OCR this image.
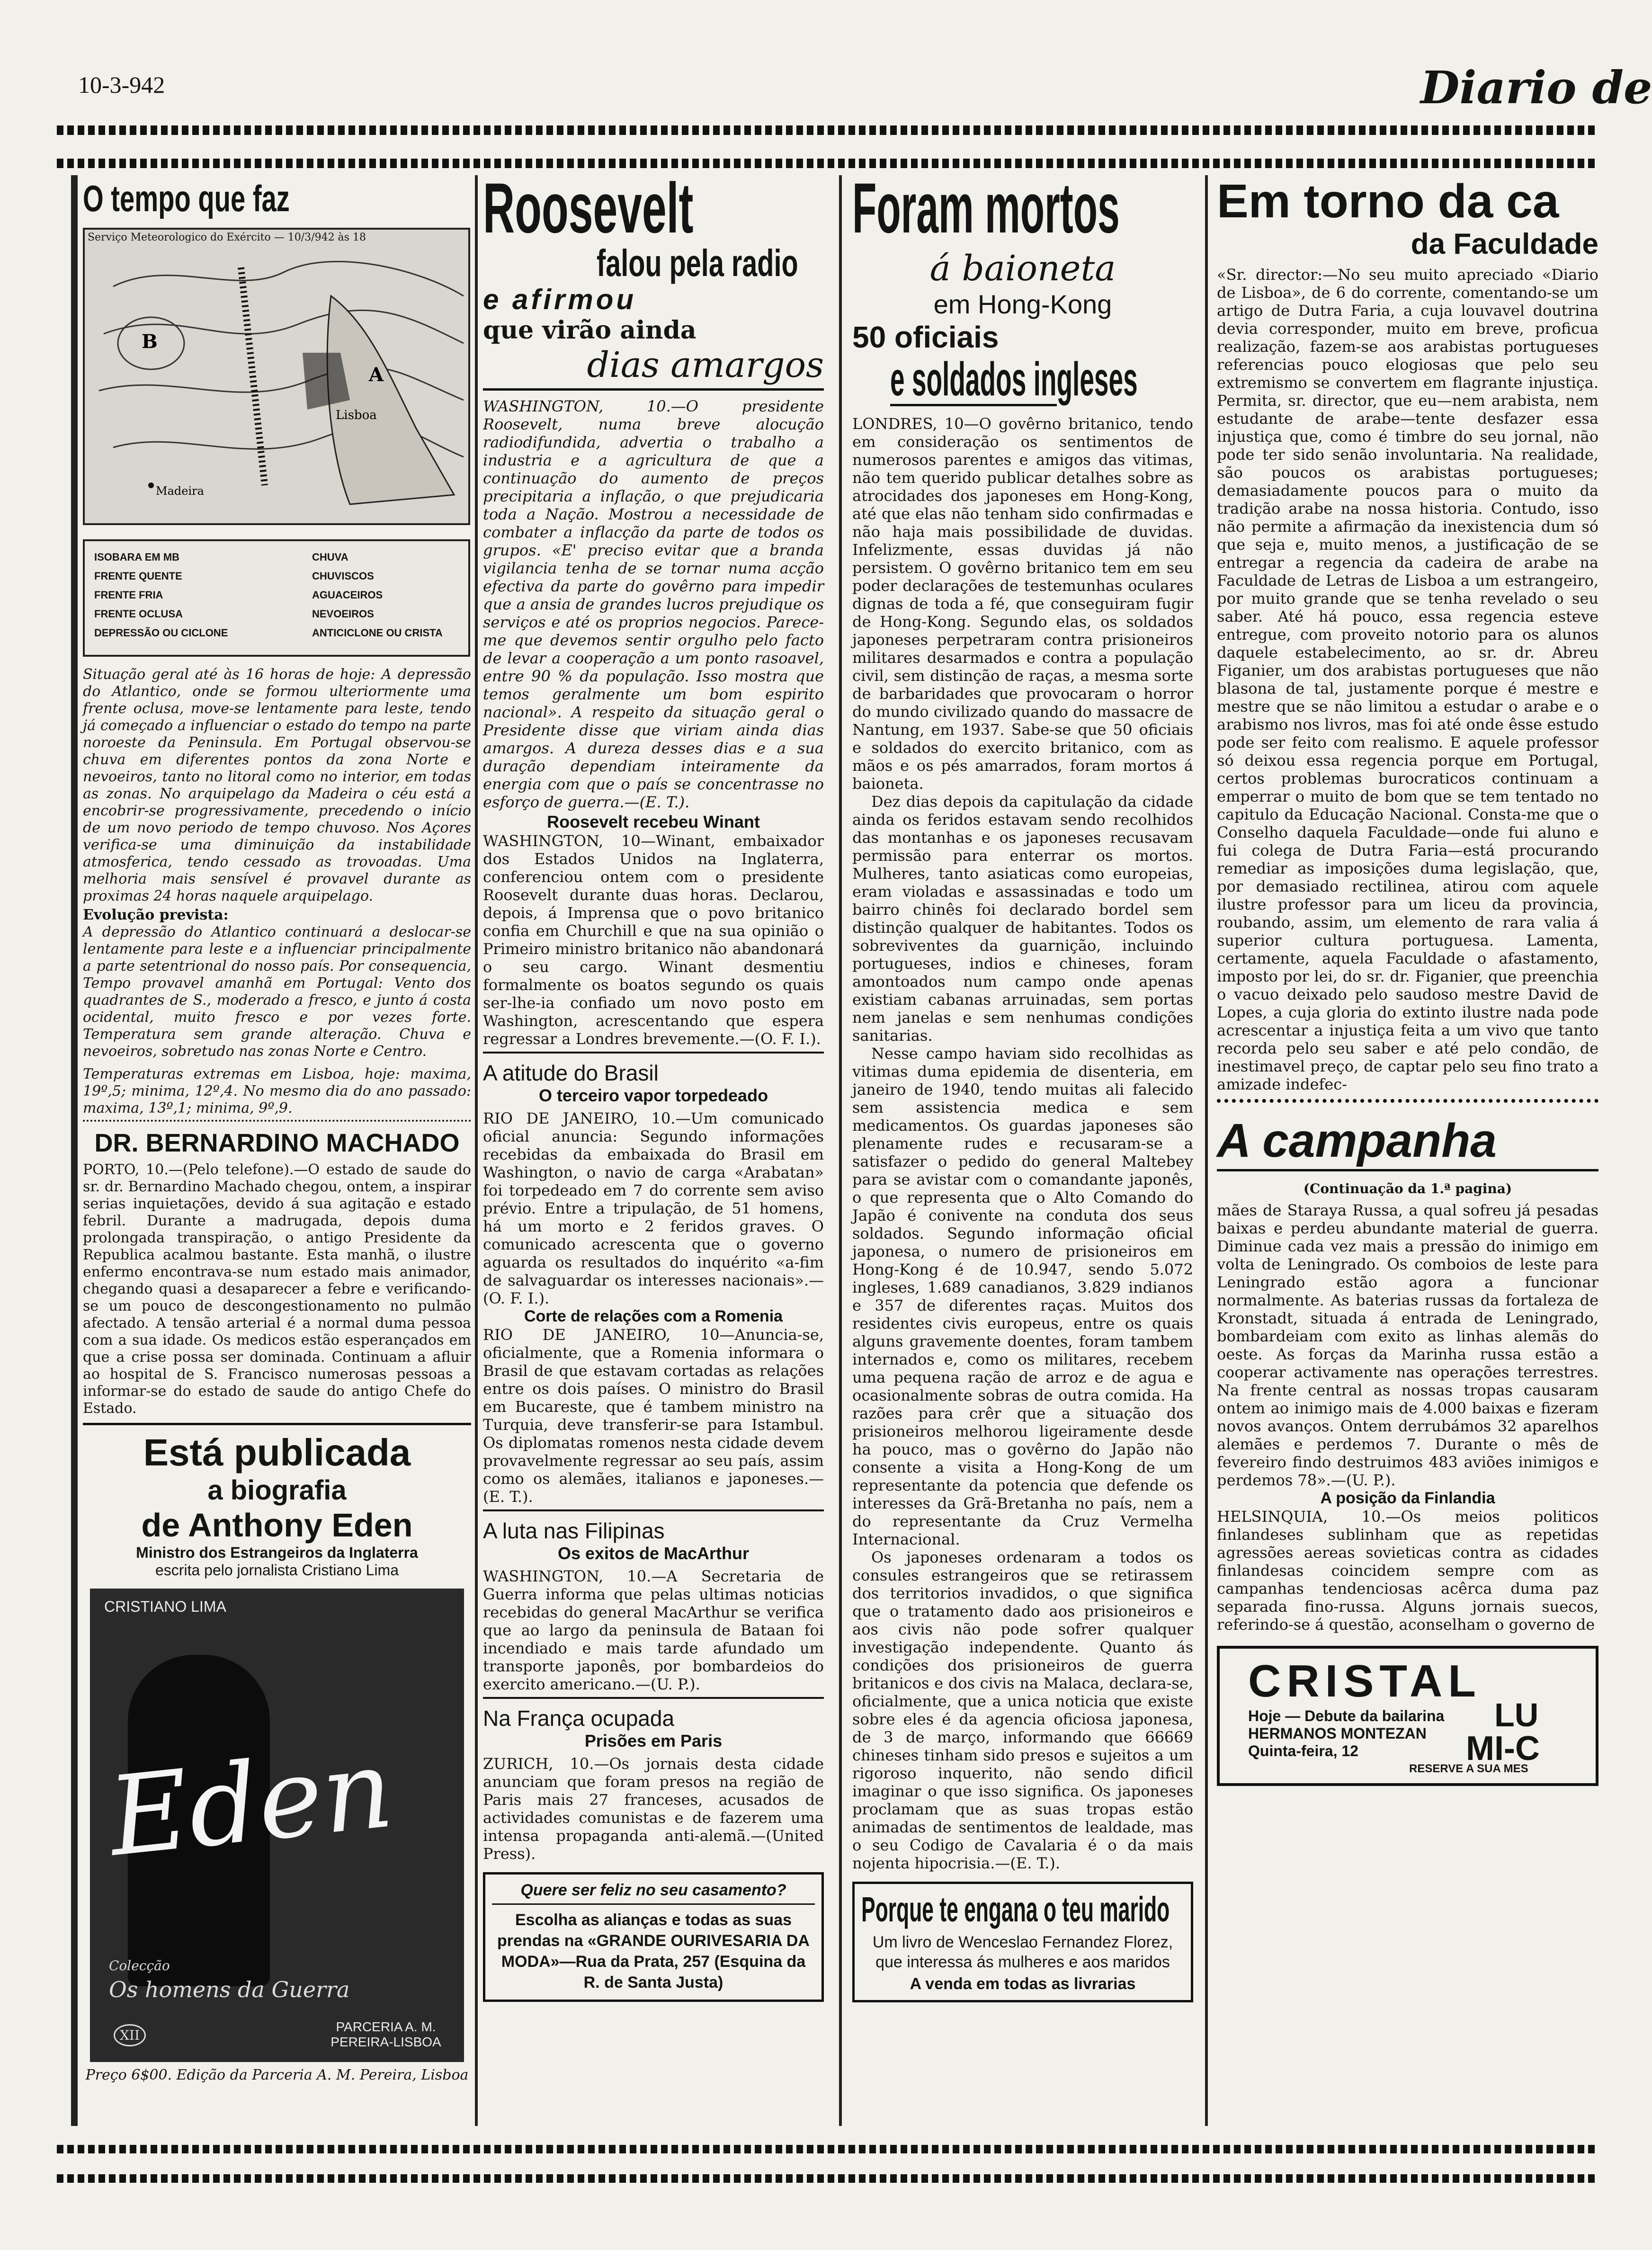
10-3-942	Diario de
O tempo que faz
Serviço Meteorologico do Exército — 10/3/942 às 18
B
A
Lisboa
Madeira
ISOBARA EM MB
FRENTE QUENTE
FRENTE FRIA
FRENTE OCLUSA
DEPRESSÃO OU CICLONE
CHUVA
CHUVISCOS
AGUACEIROS
NEVOEIROS
ANTICICLONE OU CRISTA

Situação geral até às 16 horas de hoje: A depressão do Atlantico, onde se formou ulteriormente uma frente oclusa, move-se lentamente para leste, tendo já começado a influenciar o estado do tempo na parte noroeste da Peninsula. Em Portugal observou-se chuva em diferentes pontos da zona Norte e nevoeiros, tanto no litoral como no interior, em todas as zonas. No arquipelago da Madeira o céu está a encobrir-se progressivamente, precedendo o início de um novo periodo de tempo chuvoso. Nos Açores verifica-se uma diminuição da instabilidade atmosferica, tendo cessado as trovoadas. Uma melhoria mais sensível é provavel durante as proximas 24 horas naquele arquipelago.

Evolução prevista:

A depressão do Atlantico continuará a deslocar-se lentamente para leste e a influenciar principalmente a parte setentrional do nosso país. Por consequencia, Tempo provavel amanhã em Portugal: Vento dos quadrantes de S., moderado a fresco, e junto á costa ocidental, muito fresco e por vezes forte. Temperatura sem grande alteração. Chuva e nevoeiros, sobretudo nas zonas Norte e Centro.

Temperaturas extremas em Lisboa, hoje: maxima, 19º,5; minima, 12º,4. No mesmo dia do ano passado: maxima, 13º,1; minima, 9º,9.

DR. BERNARDINO MACHADO

PORTO, 10.—(Pelo telefone).—O estado de saude do sr. dr. Bernardino Machado chegou, ontem, a inspirar serias inquietações, devido á sua agitação e estado febril. Durante a madrugada, depois duma prolongada transpiração, o antigo Presidente da Republica acalmou bastante. Esta manhã, o ilustre enfermo encontrava-se num estado mais animador, chegando quasi a desaparecer a febre e verificando-se um pouco de descongestionamento no pulmão afectado. A tensão arterial é a normal duma pessoa com a sua idade. Os medicos estão esperançados em que a crise possa ser dominada. Continuam a afluir ao hospital de S. Francisco numerosas pessoas a informar-se do estado de saude do antigo Chefe do Estado.

Está publicada
a biografia
de Anthony Eden
Ministro dos Estrangeiros da Inglaterra
escrita pelo jornalista Cristiano Lima
CRISTIANO LIMA
Eden
Colecção
Os homens da Guerra
XII
PARCERIA A. M. PEREIRA-LISBOA

Preço 6$00. Edição da Parceria A. M. Pereira, Lisboa

Roosevelt
falou pela radio
e afirmou
que virão ainda
dias amargos

WASHINGTON, 10.—O presidente Roosevelt, numa breve alocução radiodifundida, advertia o trabalho a industria e a agricultura de que a continuação do aumento de preços precipitaria a inflação, o que prejudicaria toda a Nação. Mostrou a necessidade de combater a inflacção da parte de todos os grupos. «E' preciso evitar que a branda vigilancia tenha de se tornar numa acção efectiva da parte do govêrno para impedir que a ansia de grandes lucros prejudique os serviços e até os proprios negocios. Parece-me que devemos sentir orgulho pelo facto de levar a cooperação a um ponto rasoavel, entre 90 % da população. Isso mostra que temos geralmente um bom espirito nacional». A respeito da situação geral o Presidente disse que viriam ainda dias amargos. A dureza desses dias e a sua duração dependiam inteiramente da energia com que o país se concentrasse no esforço de guerra.—(E. T.).

Roosevelt recebeu Winant

WASHINGTON, 10—Winant, embaixador dos Estados Unidos na Inglaterra, conferenciou ontem com o presidente Roosevelt durante duas horas. Declarou, depois, á Imprensa que o povo britanico confia em Churchill e que na sua opinião o Primeiro ministro britanico não abandonará o seu cargo. Winant desmentiu formalmente os boatos segundo os quais ser-lhe-ia confiado um novo posto em Washington, acrescentando que espera regressar a Londres brevemente.—(O. F. I.).

A atitude do Brasil
O terceiro vapor torpedeado

RIO DE JANEIRO, 10.—Um comunicado oficial anuncia: Segundo informações recebidas da embaixada do Brasil em Washington, o navio de carga «Arabatan» foi torpedeado em 7 do corrente sem aviso prévio. Entre a tripulação, de 51 homens, há um morto e 2 feridos graves. O comunicado acrescenta que o governo aguarda os resultados do inquérito «a-fim de salvaguardar os interesses nacionais».—(O. F. I.).

Corte de relações com a Romenia

RIO DE JANEIRO, 10—Anuncia-se, oficialmente, que a Romenia informara o Brasil de que estavam cortadas as relações entre os dois países. O ministro do Brasil em Bucareste, que é tambem ministro na Turquia, deve transferir-se para Istambul. Os diplomatas romenos nesta cidade devem provavelmente regressar ao seu país, assim como os alemães, italianos e japoneses.—(E. T.).

A luta nas Filipinas
Os exitos de MacArthur

WASHINGTON, 10.—A Secretaria de Guerra informa que pelas ultimas noticias recebidas do general MacArthur se verifica que ao largo da peninsula de Bataan foi incendiado e mais tarde afundado um transporte japonês, por bombardeios do exercito americano.—(U. P.).

Na França ocupada
Prisões em Paris

ZURICH, 10.—Os jornais desta cidade anunciam que foram presos na região de Paris mais 27 franceses, acusados de actividades comunistas e de fazerem uma intensa propaganda anti-alemã.—(United Press).

Quere ser feliz no seu casamento?
Escolha as alianças e todas as suas prendas na «GRANDE OURIVESARIA DA MODA»—Rua da Prata, 257 (Esquina da R. de Santa Justa)
Foram mortos
á baioneta
em Hong-Kong
50 oficiais
e soldados ingleses

LONDRES, 10—O govêrno britanico, tendo em consideração os sentimentos de numerosos parentes e amigos das vitimas, não tem querido publicar detalhes sobre as atrocidades dos japoneses em Hong-Kong, até que elas não tenham sido confirmadas e não haja mais possibilidade de duvidas. Infelizmente, essas duvidas já não persistem. O govêrno britanico tem em seu poder declarações de testemunhas oculares dignas de toda a fé, que conseguiram fugir de Hong-Kong. Segundo elas, os soldados japoneses perpetraram contra prisioneiros militares desarmados e contra a população civil, sem distinção de raças, a mesma sorte de barbaridades que provocaram o horror do mundo civilizado quando do massacre de Nantung, em 1937. Sabe-se que 50 oficiais e soldados do exercito britanico, com as mãos e os pés amarrados, foram mortos á baioneta.

Dez dias depois da capitulação da cidade ainda os feridos estavam sendo recolhidos das montanhas e os japoneses recusavam permissão para enterrar os mortos. Mulheres, tanto asiaticas como europeias, eram violadas e assassinadas e todo um bairro chinês foi declarado bordel sem distinção qualquer de habitantes. Todos os sobreviventes da guarnição, incluindo portugueses, indios e chineses, foram amontoados num campo onde apenas existiam cabanas arruinadas, sem portas nem janelas e sem nenhumas condições sanitarias.

Nesse campo haviam sido recolhidas as vitimas duma epidemia de disenteria, em janeiro de 1940, tendo muitas ali falecido sem assistencia medica e sem medicamentos. Os guardas japoneses são plenamente rudes e recusaram-se a satisfazer o pedido do general Maltebey para se avistar com o comandante japonês, o que representa que o Alto Comando do Japão é conivente na conduta dos seus soldados. Segundo informação oficial japonesa, o numero de prisioneiros em Hong-Kong é de 10.947, sendo 5.072 ingleses, 1.689 canadianos, 3.829 indianos e 357 de diferentes raças. Muitos dos residentes civis europeus, entre os quais alguns gravemente doentes, foram tambem internados e, como os militares, recebem uma pequena ração de arroz e de agua e ocasionalmente sobras de outra comida. Ha razões para crêr que a situação dos prisioneiros melhorou ligeiramente desde ha pouco, mas o govêrno do Japão não consente a visita a Hong-Kong de um representante da potencia que defende os interesses da Grã-Bretanha no país, nem a do representante da Cruz Vermelha Internacional.

Os japoneses ordenaram a todos os consules estrangeiros que se retirassem dos territorios invadidos, o que significa que o tratamento dado aos prisioneiros e aos civis não pode sofrer qualquer investigação independente. Quanto ás condições dos prisioneiros de guerra britanicos e dos civis na Malaca, declara-se, oficialmente, que a unica noticia que existe sobre eles é da agencia oficiosa japonesa, de 3 de março, informando que 66669 chineses tinham sido presos e sujeitos a um rigoroso inquerito, não sendo dificil imaginar o que isso significa. Os japoneses proclamam que as suas tropas estão animadas de sentimentos de lealdade, mas o seu Codigo de Cavalaria é o da mais nojenta hipocrisia.—(E. T.).

Porque te engana o teu marido
Um livro de Wenceslao Fernandez Florez, que interessa ás mulheres e aos maridos
A venda em todas as livrarias
Em torno da ca
da Faculdade

«Sr. director:—No seu muito apreciado «Diario de Lisboa», de 6 do corrente, comentando-se um artigo de Dutra Faria, a cuja louvavel doutrina devia corresponder, muito em breve, proficua realização, fazem-se aos arabistas portugueses referencias pouco elogiosas que pelo seu extremismo se convertem em flagrante injustiça. Permita, sr. director, que eu—nem arabista, nem estudante de arabe—tente desfazer essa injustiça que, como é timbre do seu jornal, não pode ter sido senão involuntaria. Na realidade, são poucos os arabistas portugueses; demasiadamente poucos para o muito da tradição arabe na nossa historia. Contudo, isso não permite a afirmação da inexistencia dum só que seja e, muito menos, a justificação de se entregar a regencia da cadeira de arabe na Faculdade de Letras de Lisboa a um estrangeiro, por muito grande que se tenha revelado o seu saber. Até há pouco, essa regencia esteve entregue, com proveito notorio para os alunos daquele estabelecimento, ao sr. dr. Abreu Figanier, um dos arabistas portugueses que não blasona de tal, justamente porque é mestre e mestre que se não limitou a estudar o arabe e o arabismo nos livros, mas foi até onde êsse estudo pode ser feito com realismo. E aquele professor só deixou essa regencia porque em Portugal, certos problemas burocraticos continuam a emperrar o muito de bom que se tem tentado no capitulo da Educação Nacional. Consta-me que o Conselho daquela Faculdade—onde fui aluno e fui colega de Dutra Faria—está procurando remediar as imposições duma legislação, que, por demasiado rectilinea, atirou com aquele ilustre professor para um liceu da provincia, roubando, assim, um elemento de rara valia á superior cultura portuguesa. Lamenta, certamente, aquela Faculdade o afastamento, imposto por lei, do sr. dr. Figanier, que preenchia o vacuo deixado pelo saudoso mestre David de Lopes, a cuja gloria do extinto ilustre nada pode acrescentar a injustiça feita a um vivo que tanto recorda pelo seu saber e até pelo condão, de inestimavel preço, de captar pelo seu fino trato a amizade indefec-

A campanha
(Continuação da 1.ª pagina)

mães de Staraya Russa, a qual sofreu já pesadas baixas e perdeu abundante material de guerra. Diminue cada vez mais a pressão do inimigo em volta de Leningrado. Os comboios de leste para Leningrado estão agora a funcionar normalmente. As baterias russas da fortaleza de Kronstadt, situada á entrada de Leningrado, bombardeiam com exito as linhas alemãs do oeste. As forças da Marinha russa estão a cooperar activamente nas operações terrestres. Na frente central as nossas tropas causaram ontem ao inimigo mais de 4.000 baixas e fizeram novos avanços. Ontem derrubámos 32 aparelhos alemães e perdemos 7. Durante o mês de fevereiro findo destruimos 483 aviões inimigos e perdemos 78».—(U. P.).

A posição da Finlandia

HELSINQUIA, 10.—Os meios politicos finlandeses sublinham que as repetidas agressões aereas sovieticas contra as cidades finlandesas coincidem sempre com as campanhas tendenciosas acêrca duma paz separada fino-russa. Alguns jornais suecos, referindo-se á questão, aconselham o governo de

CRISTAL
LU
Hoje — Debute da bailarina
HERMANOS MONTEZAN
Quinta-feira, 12	MI-C
RESERVE A SUA MES
